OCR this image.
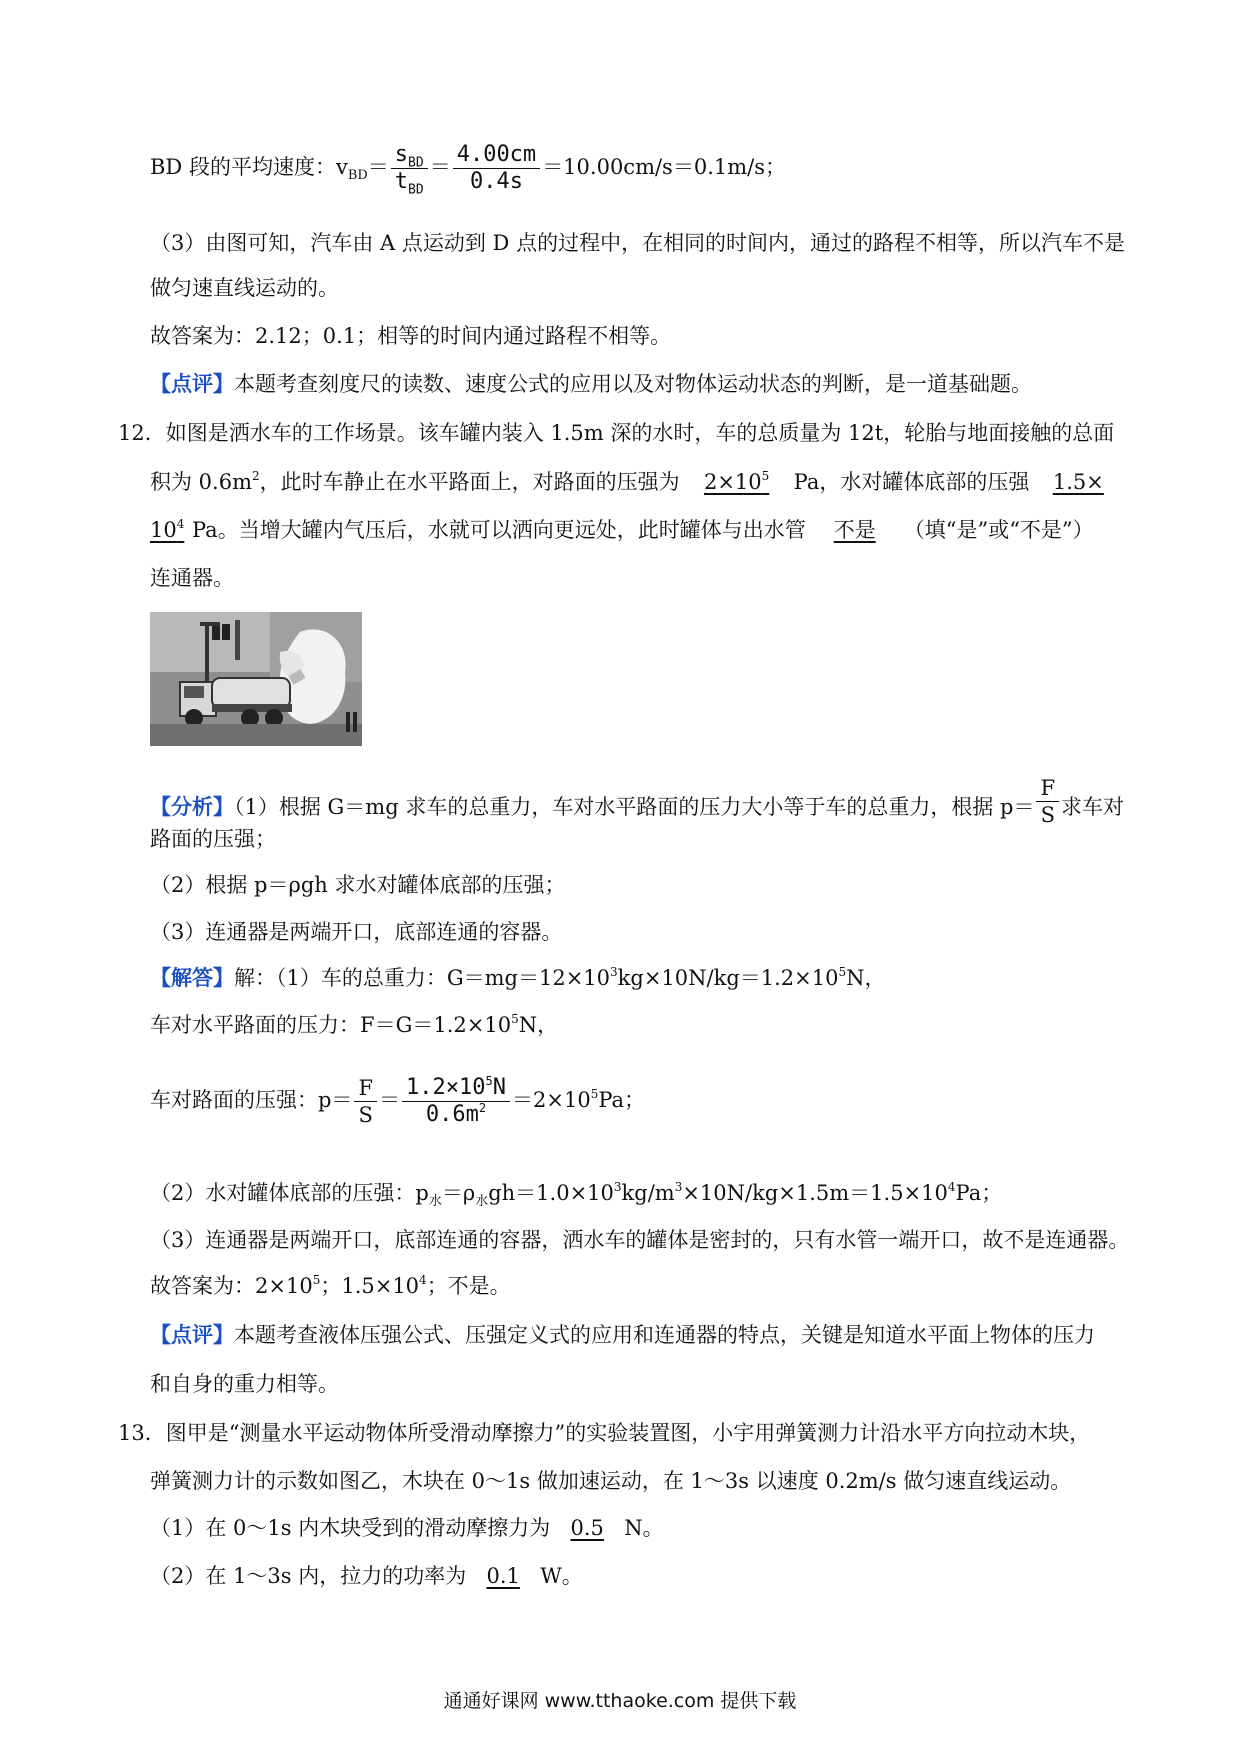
BD 段的平均速度：$v_{BD}= \frac{s_{BD}}{t_{BD}} = \frac{4.00cm}{0.4s} =10.00cm/s=0.1m/s$；
（3）由图可知，汽车由 A 点运动到 D 点的过程中，在相同的时间内，通过的路程不相等，所以汽车不是
做匀速直线运动的。
故答案为：2.12；0.1；相等的时间内通过路程不相等。
【点评】本题考查刻度尺的读数、速度公式的应用以及对物体运动状态的判断，是一道基础题。
12．如图是洒水车的工作场景。该车罐内装入 1.5m 深的水时，车的总质量为 12t，轮胎与地面接触的总面
积为 $0.6m^2$，此时车静止在水平路面上，对路面的压强为 $2\times 10^5$ Pa，水对罐体底部的压强 1.5×
$10^4$ Pa。当增大罐内气压后，水就可以洒向更远处，此时罐体与出水管 不是 （填“是”或“不是”）
连通器。
【分析】（1）根据 G＝mg 求车的总重力，车对水平路面的压力大小等于车的总重力，根据 $p= \frac{F}{S}$ 求车对
路面的压强；
（2）根据 p＝ρgh 求水对罐体底部的压强；
（3）连通器是两端开口，底部连通的容器。
【解答】解：（1）车的总重力：$G=mg=12\times 10^3kg\times 10N/kg=1.2\times 10^5N$，
车对水平路面的压力：$F=G=1.2\times 10^5N$，
车对路面的压强：$p= \frac{F}{S} = \frac{1.2\times 10^5N}{0.6m^2} =2\times 10^5Pa$；
（2）水对罐体底部的压强：$p_水=\rho_水gh=1.0\times 10^3kg/m^3\times 10N/kg\times 1.5m=1.5\times 10^4Pa$；
（3）连通器是两端开口，底部连通的容器，洒水车的罐体是密封的，只有水管一端开口，故不是连通器。
故答案为：$2\times 10^5$；$1.5\times 10^4$；不是。
【点评】本题考查液体压强公式、压强定义式的应用和连通器的特点，关键是知道水平面上物体的压力
和自身的重力相等。
13．图甲是“测量水平运动物体所受滑动摩擦力”的实验装置图，小宇用弹簧测力计沿水平方向拉动木块，
弹簧测力计的示数如图乙，木块在 0～1s 做加速运动，在 1～3s 以速度 0.2m/s 做匀速直线运动。
（1）在 0～1s 内木块受到的滑动摩擦力为 0.5 N。
（2）在 1～3s 内，拉力的功率为 0.1 W。
通通好课网 www.tthaoke.com 提供下载
